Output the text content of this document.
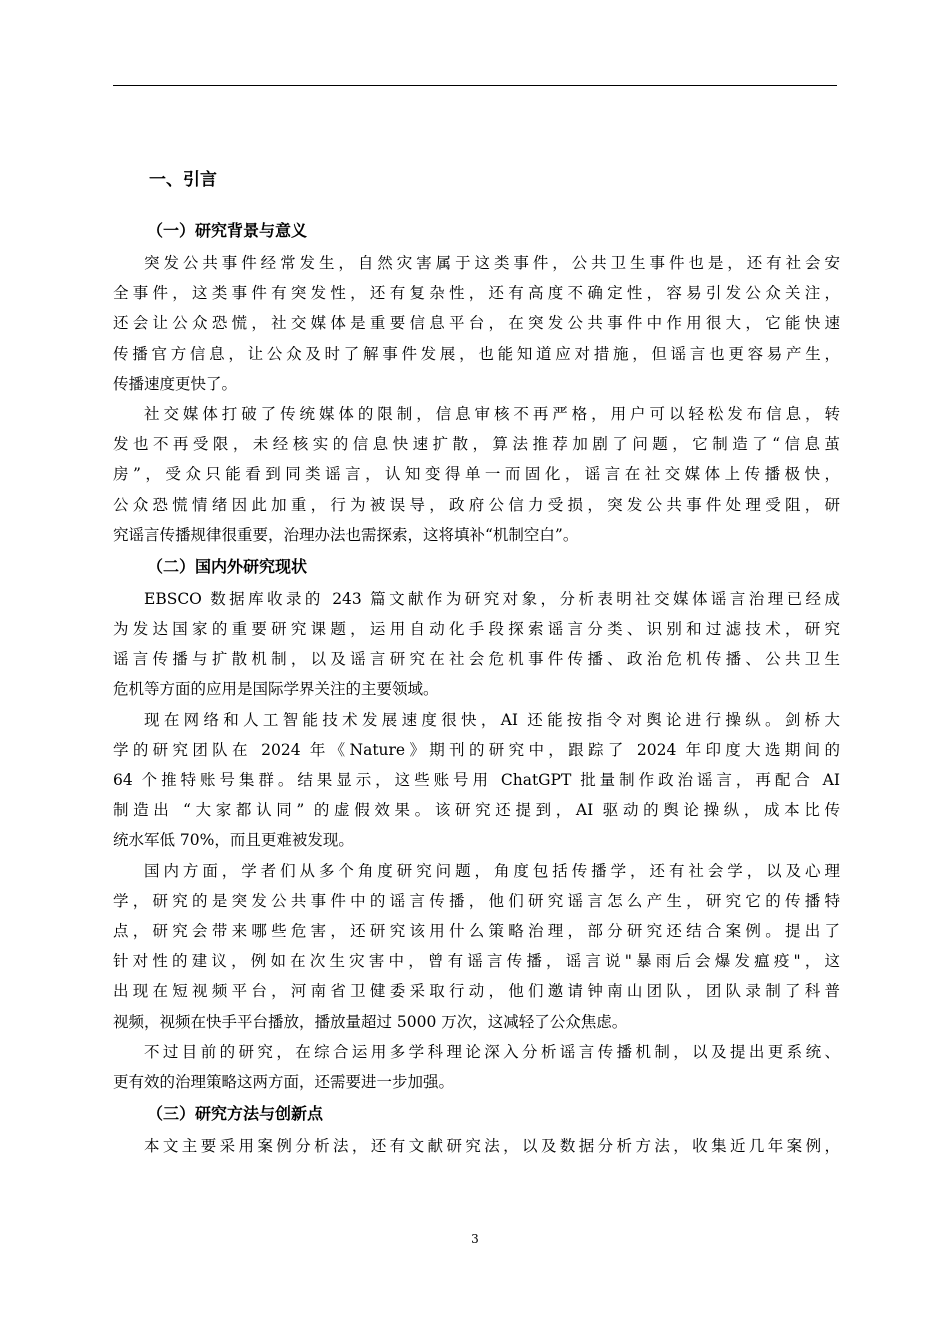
一、引言
（一）研究背景与意义
突发公共事件经常发生，自然灾害属于这类事件，公共卫生事件也是，还有社会安
全事件，这类事件有突发性，还有复杂性，还有高度不确定性，容易引发公众关注，
还会让公众恐慌，社交媒体是重要信息平台，在突发公共事件中作用很大，它能快速
传播官方信息，让公众及时了解事件发展，也能知道应对措施，但谣言也更容易产生，
传播速度更快了。
社交媒体打破了传统媒体的限制，信息审核不再严格，用户可以轻松发布信息，转
发也不再受限，未经核实的信息快速扩散，算法推荐加剧了问题，它制造了“信息茧
房”，受众只能看到同类谣言，认知变得单一而固化，谣言在社交媒体上传播极快，
公众恐慌情绪因此加重，行为被误导，政府公信力受损，突发公共事件处理受阻，研
究谣言传播规律很重要，治理办法也需探索，这将填补“机制空白”。
（二）国内外研究现状
EBSCO 数据库收录的 243 篇文献作为研究对象，分析表明社交媒体谣言治理已经成
为发达国家的重要研究课题，运用自动化手段探索谣言分类、识别和过滤技术，研究
谣言传播与扩散机制，以及谣言研究在社会危机事件传播、政治危机传播、公共卫生
危机等方面的应用是国际学界关注的主要领域。
现在网络和人工智能技术发展速度很快，AI 还能按指令对舆论进行操纵。剑桥大
学的研究团队在 2024 年《Nature》期刊的研究中，跟踪了 2024 年印度大选期间的
64 个推特账号集群。结果显示，这些账号用 ChatGPT 批量制作政治谣言，再配合 AI
制造出 “大家都认同” 的虚假效果。该研究还提到，AI 驱动的舆论操纵，成本比传
统水军低 70%，而且更难被发现。
国内方面，学者们从多个角度研究问题，角度包括传播学，还有社会学，以及心理
学，研究的是突发公共事件中的谣言传播，他们研究谣言怎么产生，研究它的传播特
点，研究会带来哪些危害，还研究该用什么策略治理，部分研究还结合案例。提出了
针对性的建议，例如在次生灾害中，曾有谣言传播，谣言说"暴雨后会爆发瘟疫"，这
出现在短视频平台，河南省卫健委采取行动，他们邀请钟南山团队，团队录制了科普
视频，视频在快手平台播放，播放量超过 5000 万次，这减轻了公众焦虑。
不过目前的研究，在综合运用多学科理论深入分析谣言传播机制，以及提出更系统、
更有效的治理策略这两方面，还需要进一步加强。
（三）研究方法与创新点
本文主要采用案例分析法，还有文献研究法，以及数据分析方法，收集近几年案例，
3
